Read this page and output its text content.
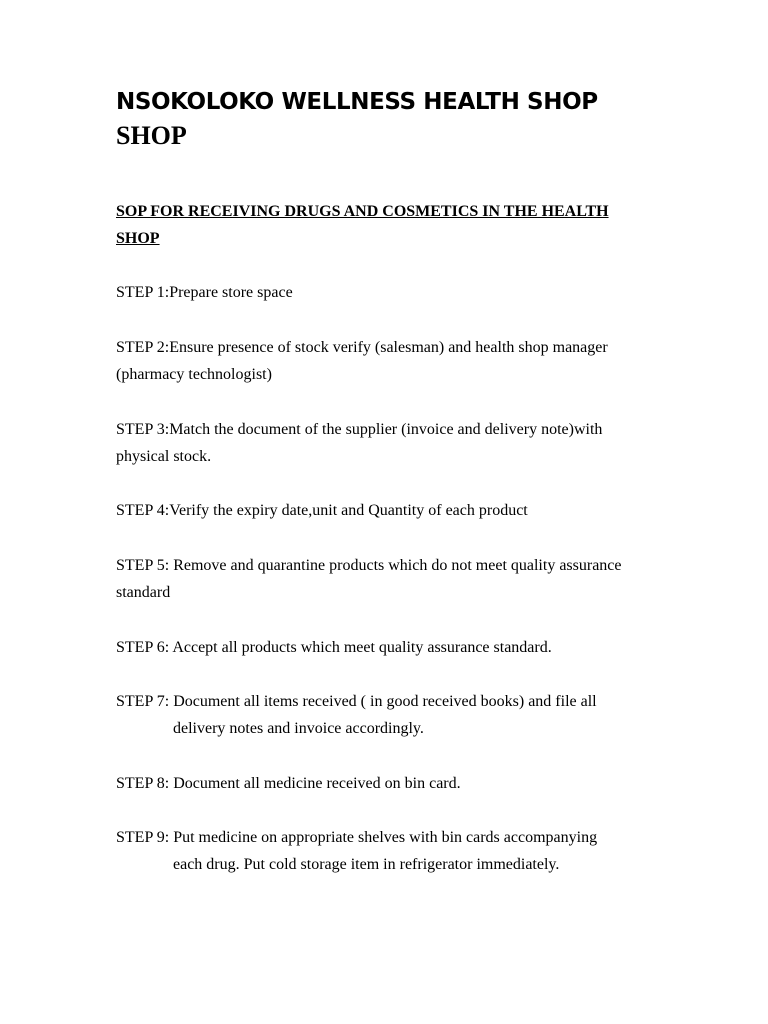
NSOKOLOKO WELLNESS HEALTH SHOP
SHOP

SOP FOR RECEIVING DRUGS AND COSMETICS IN THE HEALTH
SHOP

STEP 1:Prepare store space

STEP 2:Ensure presence of stock verify (salesman) and health shop manager
(pharmacy technologist)

STEP 3:Match the document of the supplier (invoice and delivery note)with
physical stock.

STEP 4:Verify the expiry date,unit and Quantity of each product

STEP 5: Remove and quarantine products which do not meet quality assurance
standard

STEP 6: Accept all products which meet quality assurance standard.

STEP 7: Document all items received ( in good received books) and file all
delivery notes and invoice accordingly.

STEP 8: Document all medicine received on bin card.

STEP 9: Put medicine on appropriate shelves with bin cards accompanying
each drug. Put cold storage item in refrigerator immediately.
